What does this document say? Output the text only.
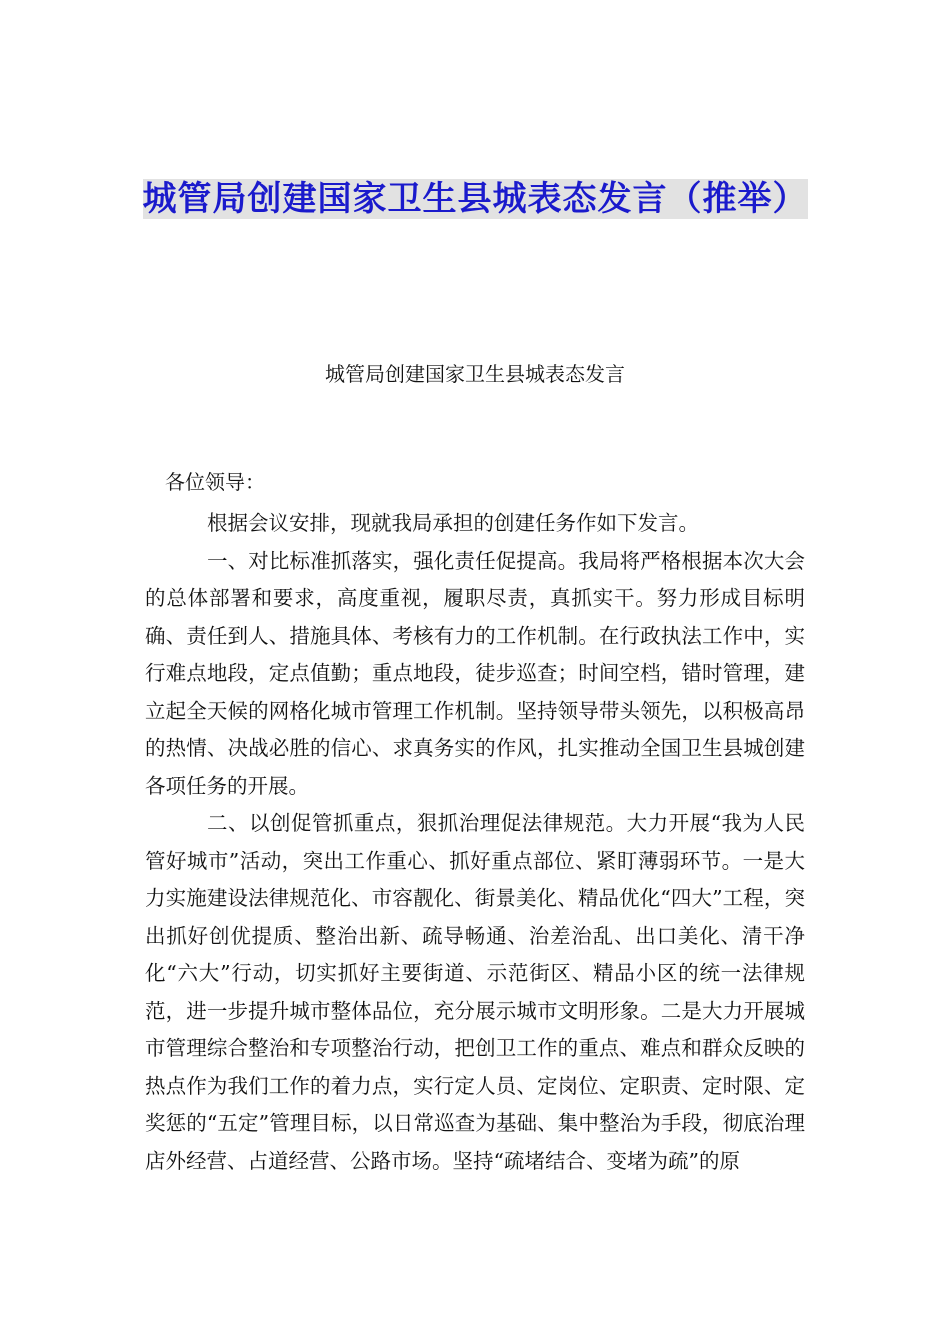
城管局创建国家卫生县城表态发言（推举）
城管局创建国家卫生县城表态发言
各位领导：

根据会议安排，现就我局承担的创建任务作如下发言。

一、对比标准抓落实，强化责任促提高。我局将严格根据本次大会的总体部署和要求，高度重视，履职尽责，真抓实干。努力形成目标明确、责任到人、措施具体、考核有力的工作机制。在行政执法工作中，实行难点地段，定点值勤；重点地段，徒步巡查；时间空档，错时管理，建立起全天候的网格化城市管理工作机制。坚持领导带头领先，以积极高昂的热情、决战必胜的信心、求真务实的作风，扎实推动全国卫生县城创建各项任务的开展。

二、以创促管抓重点，狠抓治理促法律规范。大力开展“我为人民管好城市”活动，突出工作重心、抓好重点部位、紧盯薄弱环节。一是大力实施建设法律规范化、市容靓化、街景美化、精品优化“四大”工程，突出抓好创优提质、整治出新、疏导畅通、治差治乱、出口美化、清干净化“六大”行动，切实抓好主要街道、示范街区、精品小区的统一法律规范，进一步提升城市整体品位，充分展示城市文明形象。二是大力开展城市管理综合整治和专项整治行动，把创卫工作的重点、难点和群众反映的热点作为我们工作的着力点，实行定人员、定岗位、定职责、定时限、定奖惩的“五定”管理目标，以日常巡查为基础、集中整治为手段，彻底治理店外经营、占道经营、公路市场。坚持“疏堵结合、变堵为疏”的原
